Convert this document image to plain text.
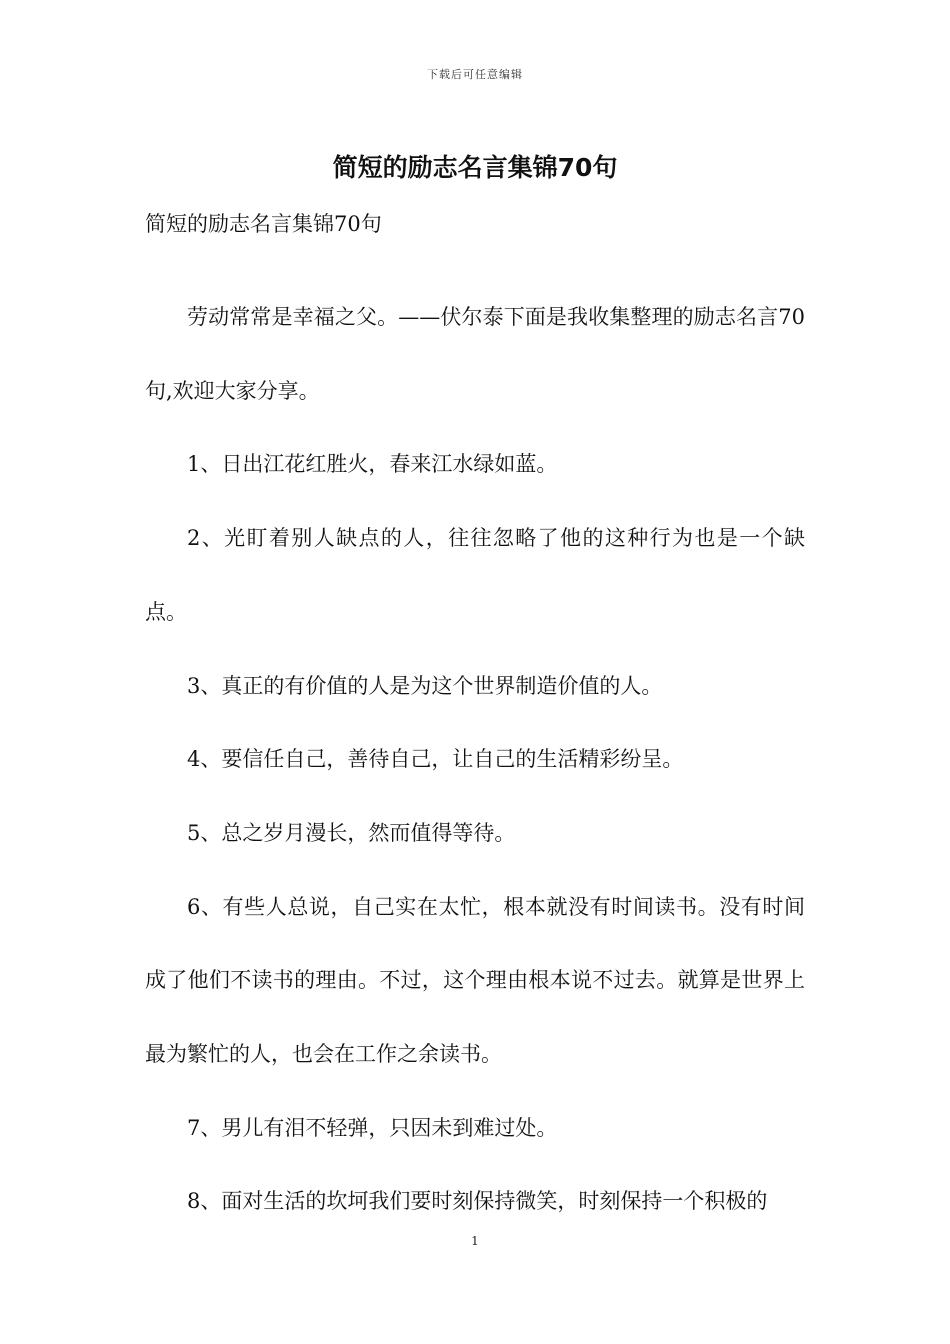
下载后可任意编辑
简短的励志名言集锦70句
简短的励志名言集锦70句

劳动常常是幸福之父。——伏尔泰下面是我收集整理的励志名言70句,欢迎大家分享。

1、日出江花红胜火，春来江水绿如蓝。

2、光盯着别人缺点的人，往往忽略了他的这种行为也是一个缺点。

3、真正的有价值的人是为这个世界制造价值的人。

4、要信任自己，善待自己，让自己的生活精彩纷呈。

5、总之岁月漫长，然而值得等待。

6、有些人总说，自己实在太忙，根本就没有时间读书。没有时间成了他们不读书的理由。不过，这个理由根本说不过去。就算是世界上最为繁忙的人，也会在工作之余读书。

7、男儿有泪不轻弹，只因未到难过处。

8、面对生活的坎坷我们要时刻保持微笑，时刻保持一个积极的

1
